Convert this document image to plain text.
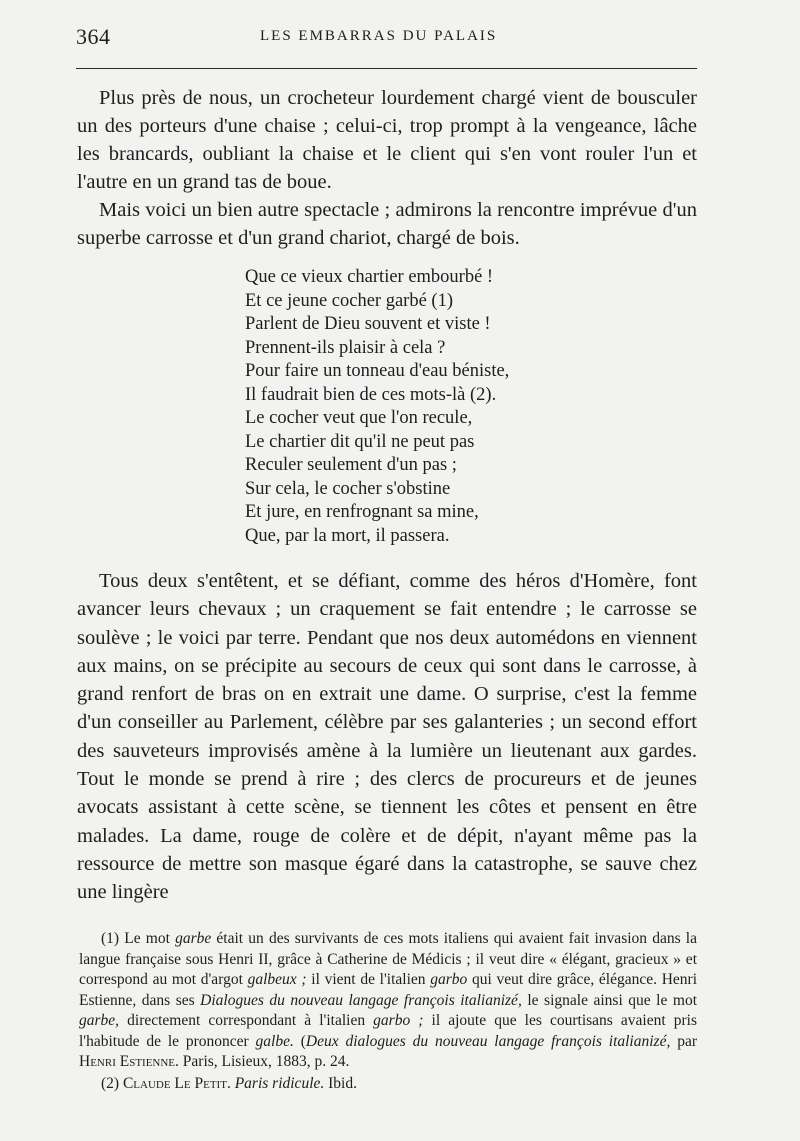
364	LES EMBARRAS DU PALAIS

Plus près de nous, un crocheteur lourdement chargé vient de bousculer un des porteurs d'une chaise ; celui-ci, trop prompt à la vengeance, lâche les brancards, oubliant la chaise et le client qui s'en vont rouler l'un et l'autre en un grand tas de boue.

Mais voici un bien autre spectacle ; admirons la rencontre imprévue d'un superbe carrosse et d'un grand chariot, chargé de bois.

Que ce vieux chartier embourbé !
Et ce jeune cocher garbé (1)
Parlent de Dieu souvent et viste !
Prennent-ils plaisir à cela ?
Pour faire un tonneau d'eau béniste,
Il faudrait bien de ces mots-là (2).
Le cocher veut que l'on recule,
Le chartier dit qu'il ne peut pas
Reculer seulement d'un pas ;
Sur cela, le cocher s'obstine
Et jure, en renfrognant sa mine,
Que, par la mort, il passera.

Tous deux s'entêtent, et se défiant, comme des héros d'Homère, font avancer leurs chevaux ; un craquement se fait entendre ; le carrosse se soulève ; le voici par terre. Pendant que nos deux automédons en viennent aux mains, on se précipite au secours de ceux qui sont dans le carrosse, à grand renfort de bras on en extrait une dame. O surprise, c'est la femme d'un conseiller au Parlement, célèbre par ses galanteries ; un second effort des sauveteurs improvisés amène à la lumière un lieutenant aux gardes. Tout le monde se prend à rire ; des clercs de procureurs et de jeunes avocats assistant à cette scène, se tiennent les côtes et pensent en être malades. La dame, rouge de colère et de dépit, n'ayant même pas la ressource de mettre son masque égaré dans la catastrophe, se sauve chez une lingère

(1) Le mot garbe était un des survivants de ces mots italiens qui avaient fait invasion dans la langue française sous Henri II, grâce à Catherine de Médicis ; il veut dire « élégant, gracieux » et correspond au mot d'argot galbeux ; il vient de l'italien garbo qui veut dire grâce, élégance. Henri Estienne, dans ses Dialogues du nouveau langage françois italianizé, le signale ainsi que le mot garbe, directement correspondant à l'italien garbo ; il ajoute que les courtisans avaient pris l'habitude de le prononcer galbe. (Deux dialogues du nouveau langage françois italianizé, par Henri Estienne. Paris, Lisieux, 1883, p. 24.

(2) Claude Le Petit. Paris ridicule. Ibid.
